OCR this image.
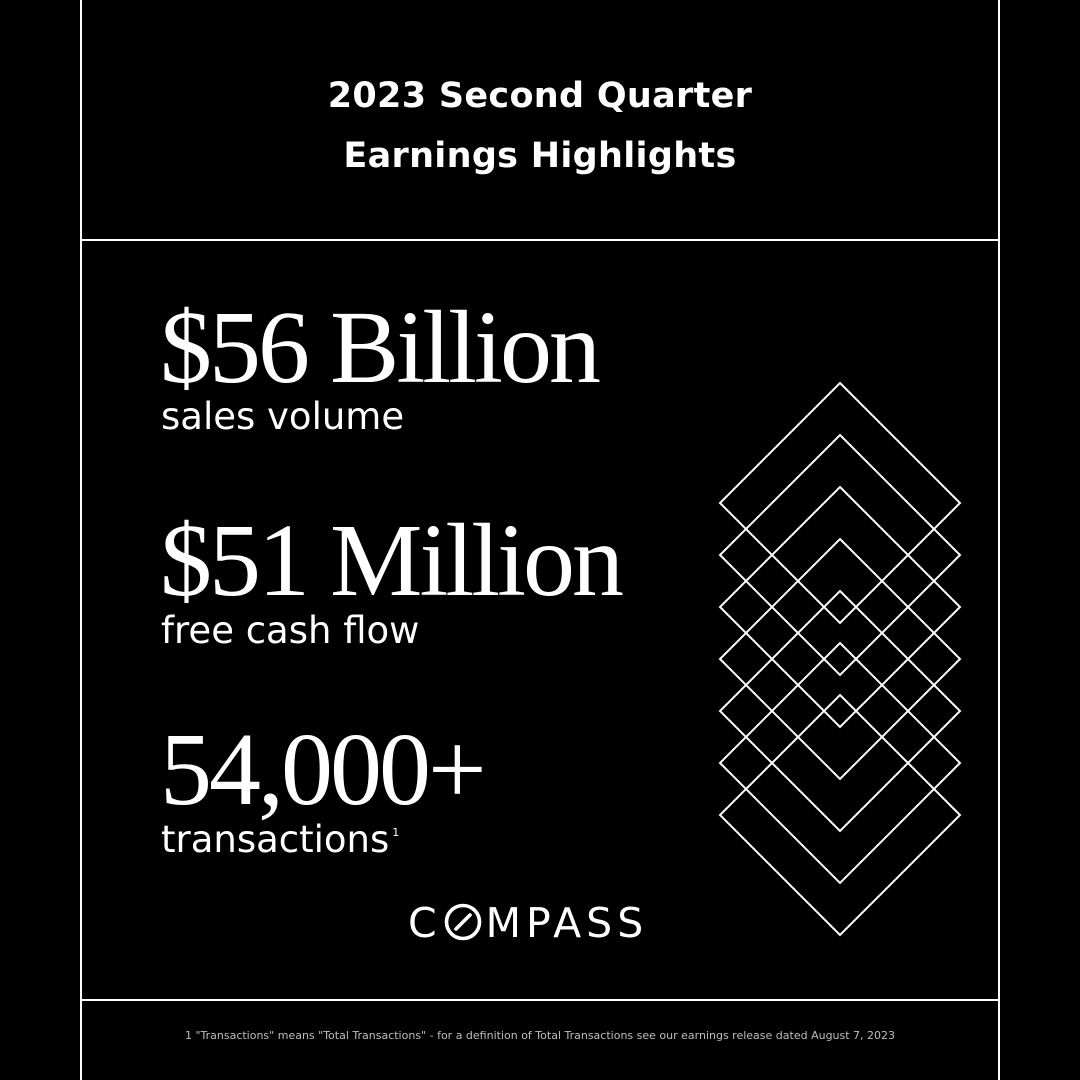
2023 Second Quarter
Earnings Highlights
$56 Billion
sales volume
$51 Million
free cash flow
54,000+
transactions $^1$
C MPASS
1 "Transactions" means "Total Transactions" - for a definition of Total Transactions see our earnings release dated August 7, 2023
